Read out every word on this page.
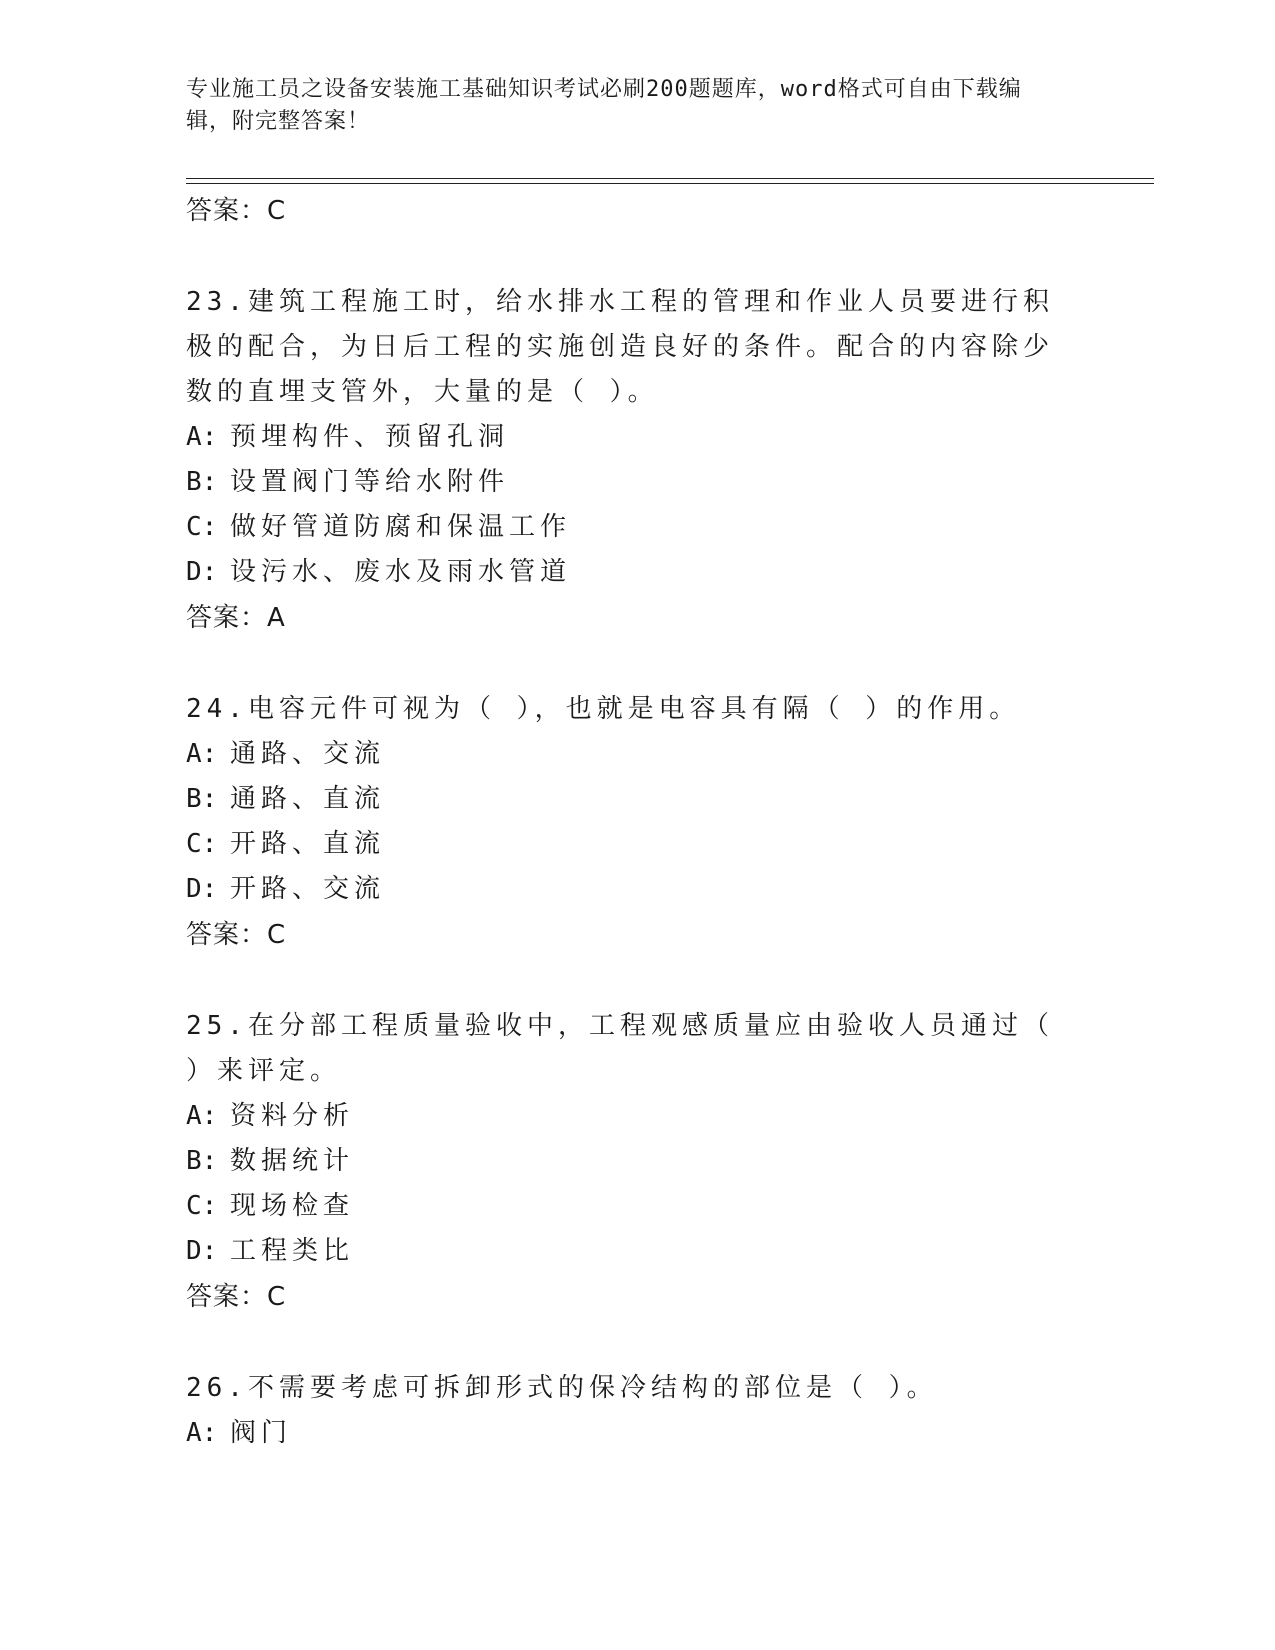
专业施工员之设备安装施工基础知识考试必刷200题题库，word格式可自由下载编辑，附完整答案！
答案：C
23.建筑工程施工时，给水排水工程的管理和作业人员要进行积极的配合，为日后工程的实施创造良好的条件。配合的内容除少数的直埋支管外，大量的是（ ）。
A: 预埋构件、预留孔洞
B: 设置阀门等给水附件
C: 做好管道防腐和保温工作
D: 设污水、废水及雨水管道
答案：A
24.电容元件可视为（ ），也就是电容具有隔（ ）的作用。
A: 通路、交流
B: 通路、直流
C: 开路、直流
D: 开路、交流
答案：C
25.在分部工程质量验收中，工程观感质量应由验收人员通过（ ）来评定。
A: 资料分析
B: 数据统计
C: 现场检查
D: 工程类比
答案：C
26.不需要考虑可拆卸形式的保冷结构的部位是（ ）。
A: 阀门
